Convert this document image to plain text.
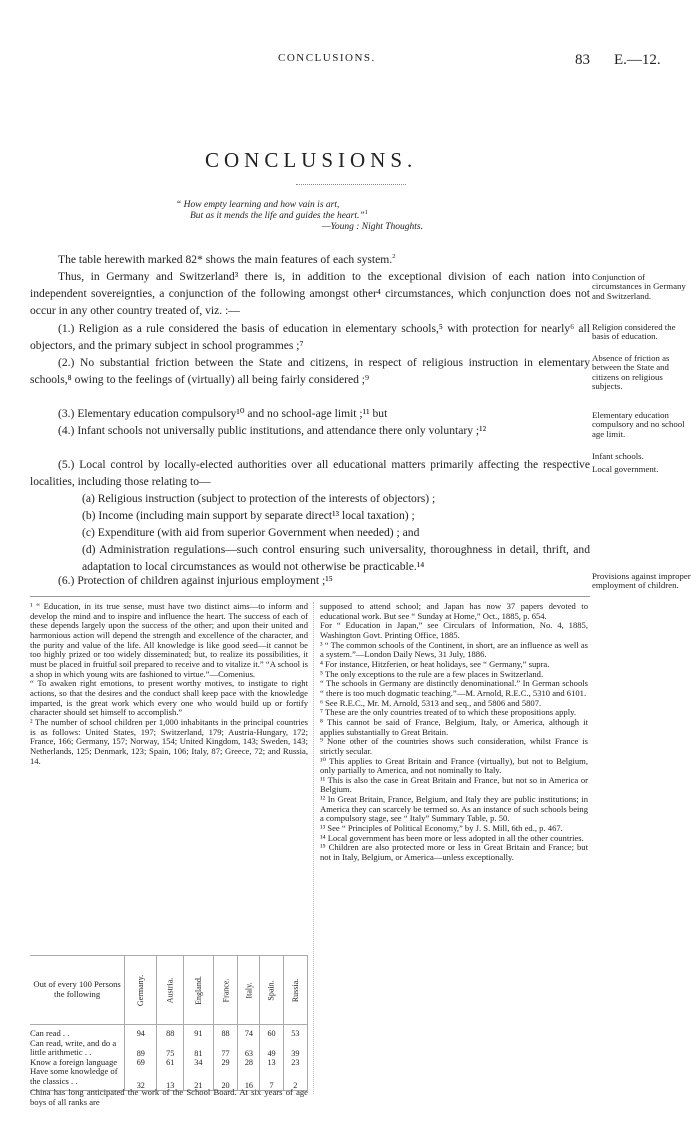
CONCLUSIONS.	83 E.—12.
CONCLUSIONS.
“ How empty learning and how vain is art,
But as it mends the life and guides the heart.”$^1$
—Young : Night Thoughts.
The table herewith marked 82* shows the main features of each system.$^2$
Thus, in Germany and Switzerland³ there is, in addition to the exceptional division of each nation into independent sovereignties, a conjunction of the following amongst other⁴ circumstances, which conjunction does not occur in any other country treated of, viz. :—
(1.) Religion as a rule considered the basis of education in elementary schools,⁵ with protection for nearly⁶ all objectors, and the primary subject in school programmes ;⁷
(2.) No substantial friction between the State and citizens, in respect of religious instruction in elementary schools,⁸ owing to the feelings of (virtually) all being fairly considered ;⁹
(3.) Elementary education compulsory¹⁰ and no school-age limit ;¹¹ but
(4.) Infant schools not universally public institutions, and attendance there only voluntary ;¹²
(5.) Local control by locally-elected authorities over all educational matters primarily affecting the respective localities, including those relating to—
(a) Religious instruction (subject to protection of the interests of objectors) ;
(b) Income (including main support by separate direct¹³ local taxation) ;
(c) Expenditure (with aid from superior Government when needed) ; and
(d) Administration regulations—such control ensuring such universality, thoroughness in detail, thrift, and adaptation to local circumstances as would not otherwise be practicable.¹⁴
(6.) Protection of children against injurious employment ;¹⁵
Conjunction of circumstances in Germany and Switzerland.
Religion considered the basis of education.
Absence of friction as between the State and citizens on religious subjects.
Elementary education compulsory and no school age limit.
Infant schools.
Local government.
Provisions against improper employment of children.

¹ “ Education, in its true sense, must have two distinct aims—to inform and develop the mind and to inspire and influence the heart. The success of each of these depends largely upon the success of the other; and upon their united and harmonious action will depend the strength and excellence of the character, and the purity and value of the life. All knowledge is like good seed—it cannot be too highly prized or too widely disseminated; but, to realize its possibilities, it must be placed in fruitful soil prepared to receive and to vitalize it.” “A school is a shop in which young wits are fashioned to virtue.”—Comenius.

“ To awaken right emotions, to present worthy motives, to instigate to right actions, so that the desires and the conduct shall keep pace with the knowledge imparted, is the great work which every one who would build up or fortify character should set himself to accomplish.”

² The number of school children per 1,000 inhabitants in the principal countries is as follows: United States, 197; Switzerland, 179; Austria-Hungary, 172; France, 166; Germany, 157; Norway, 154; United Kingdom, 143; Sweden, 143; Netherlands, 125; Denmark, 123; Spain, 106; Italy, 87; Greece, 72; and Russia, 14.

Out of every 100 Persons the following	Germany.	Austria.	England.	France.	Italy.	Spain.	Russia.
Can read . .	94	88	91	88	74	60	53
Can read, write, and do a little arithmetic . .	89	75	81	77	63	49	39
Know a foreign language	69	61	34	29	28	13	23
Have some knowledge of the classics . .	32	13	21	20	16	7	2
China has long anticipated the work of the School Board. At six years of age boys of all ranks are

supposed to attend school; and Japan has now 37 papers devoted to educational work. But see “ Sunday at Home,” Oct., 1885, p. 654.

For “ Education in Japan,” see Circulars of Information, No. 4, 1885, Washington Govt. Printing Office, 1885.

³ “ The common schools of the Continent, in short, are an influence as well as a system.”—London Daily News, 31 July, 1886.

⁴ For instance, Hitzferien, or heat holidays, see “ Germany,” supra.

⁵ The only exceptions to the rule are a few places in Switzerland.

“ The schools in Germany are distinctly denominational.” In German schools “ there is too much dogmatic teaching.”—M. Arnold, R.E.C., 5310 and 6101.

⁶ See R.E.C., Mr. M. Arnold, 5313 and seq., and 5806 and 5807.

⁷ These are the only countries treated of to which these propositions apply.

⁸ This cannot be said of France, Belgium, Italy, or America, although it applies substantially to Great Britain.

⁹ None other of the countries shows such consideration, whilst France is strictly secular.

¹⁰ This applies to Great Britain and France (virtually), but not to Belgium, only partially to America, and not nominally to Italy.

¹¹ This is also the case in Great Britain and France, but not so in America or Belgium.

¹² In Great Britain, France, Belgium, and Italy they are public institutions; in America they can scarcely be termed so. As an instance of such schools being a compulsory stage, see “ Italy” Summary Table, p. 50.

¹³ See “ Principles of Political Economy,” by J. S. Mill, 6th ed., p. 467.

¹⁴ Local government has been more or less adopted in all the other countries.

¹⁵ Children are also protected more or less in Great Britain and France; but not in Italy, Belgium, or America—unless exceptionally.
